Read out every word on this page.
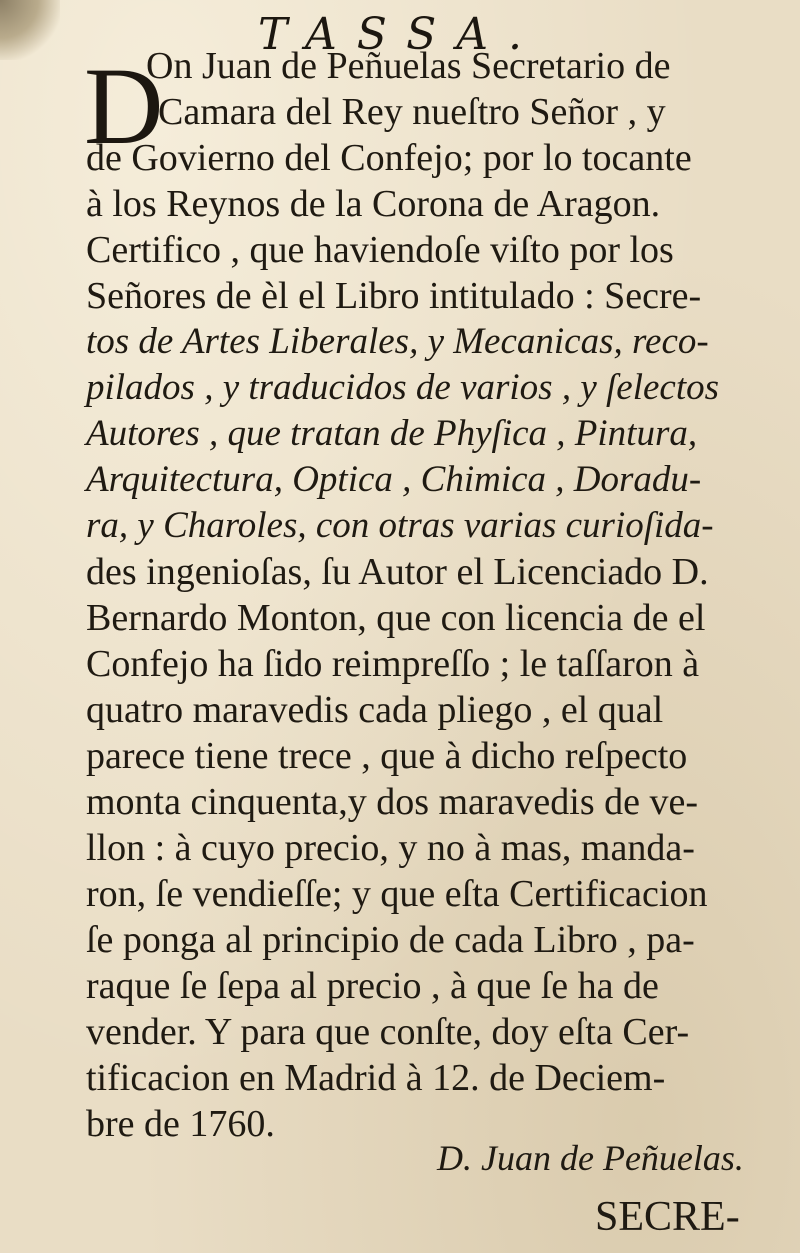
TASSA.
D
On Juan de Peñuelas Secretario de
Camara del Rey nueſtro Señor , y
de Govierno del Confejo; por lo tocante
à los Reynos de la Corona de Aragon.
Certifico , que haviendoſe viſto por los
Señores de èl el Libro intitulado : Secre-
tos de Artes Liberales, y Mecanicas, reco-
pilados , y traducidos de varios , y ſelectos
Autores , que tratan de Phyſica , Pintura,
Arquitectura, Optica , Chimica , Doradu-
ra, y Charoles, con otras varias curioſida-
des ingenioſas, ſu Autor el Licenciado D.
Bernardo Monton, que con licencia de el
Confejo ha ſido reimpreſſo ; le taſſaron à
quatro maravedis cada pliego , el qual
parece tiene trece , que à dicho reſpecto
monta cinquenta,y dos maravedis de ve-
llon : à cuyo precio, y no à mas, manda-
ron, ſe vendieſſe; y que eſta Certificacion
ſe ponga al principio de cada Libro , pa-
raque ſe ſepa al precio , à que ſe ha de
vender. Y para que conſte, doy eſta Cer-
tificacion en Madrid à 12. de Deciem-
bre de 1760.
D. Juan de Peñuelas.
SECRE-
